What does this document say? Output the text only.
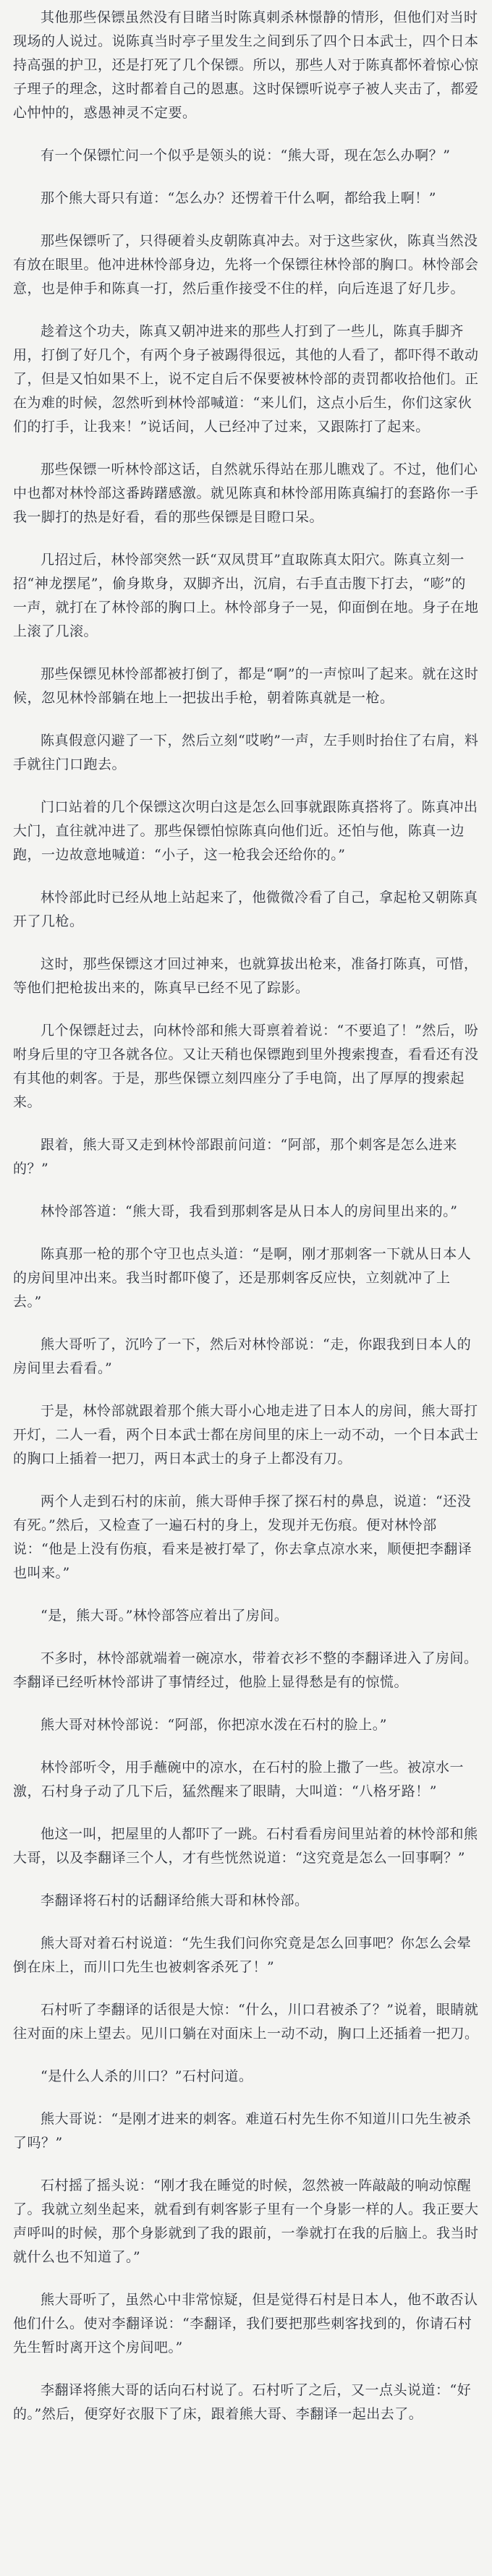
其他那些保镖虽然没有目睹当时陈真刺杀林憬静的情形，但他们对当时现场的人说过。说陈真当时亭子里发生之间到乐了四个日本武士，四个日本持高强的护卫，还是打死了几个保镖。所以，那些人对于陈真都怀着惊心惊子理子的理念，这时都着自己的恩惠。这时保镖听说亭子被人夹击了，都爱心忡忡的，惑愚神灵不定要。

有一个保镖忙问一个似乎是领头的说：“熊大哥，现在怎么办啊？”

那个熊大哥只有道：“怎么办？还愣着干什么啊，都给我上啊！”

那些保镖听了，只得硬着头皮朝陈真冲去。对于这些家伙，陈真当然没有放在眼里。他冲进林怜部身边，先将一个保镖往林怜部的胸口。林怜部会意，也是伸手和陈真一打，然后重作接受不住的样，向后连退了好几步。

趁着这个功夫，陈真又朝冲进来的那些人打到了一些儿，陈真手脚齐用，打倒了好几个，有两个身子被踢得很远，其他的人看了，都吓得不敢动了，但是又怕如果不上，说不定自后不保要被林怜部的责罚都收拾他们。正在为难的时候，忽然听到林怜部喊道：“来儿们，这点小后生，你们这家伙们的打手，让我来！”说话间，人已经冲了过来，又跟陈打了起来。

那些保镖一听林怜部这话，自然就乐得站在那儿瞧戏了。不过，他们心中也都对林怜部这番踌躇感激。就见陈真和林怜部用陈真编打的套路你一手我一脚打的热是好看，看的那些保镖是目瞪口呆。

几招过后，林怜部突然一跃“双凤贯耳”直取陈真太阳穴。陈真立刻一招“神龙摆尾”，偷身欺身，双脚齐出，沉肩，右手直击腹下打去，“嘭”的一声，就打在了林怜部的胸口上。林怜部身子一晃，仰面倒在地。身子在地上滚了几滚。

那些保镖见林怜部都被打倒了，都是“啊”的一声惊叫了起来。就在这时候，忽见林怜部躺在地上一把拔出手枪，朝着陈真就是一枪。

陈真假意闪避了一下，然后立刻“哎哟”一声，左手则时抬住了右肩，料手就往门口跑去。

门口站着的几个保镖这次明白这是怎么回事就跟陈真搭将了。陈真冲出大门，直往就冲进了。那些保镖怕惊陈真向他们近。还怕与他，陈真一边跑，一边故意地喊道：“小子，这一枪我会还给你的。”

林怜部此时已经从地上站起来了，他微微冷看了自己，拿起枪又朝陈真开了几枪。

这时，那些保镖这才回过神来，也就算拔出枪来，准备打陈真，可惜，等他们把枪拔出来的，陈真早已经不见了踪影。

几个保镖赶过去，向林怜部和熊大哥禀着着说：“不要追了！”然后，吩咐身后里的守卫各就各位。又让天稍也保镖跑到里外搜索搜查，看看还有没有其他的刺客。于是，那些保镖立刻四座分了手电筒，出了厚厚的搜索起来。

跟着，熊大哥又走到林怜部跟前问道：“阿部，那个刺客是怎么进来的？”

林怜部答道：“熊大哥，我看到那刺客是从日本人的房间里出来的。”

陈真那一枪的那个守卫也点头道：“是啊，刚才那刺客一下就从日本人的房间里冲出来。我当时都吓傻了，还是那刺客反应快，立刻就冲了上去。”

熊大哥听了，沉吟了一下，然后对林怜部说：“走，你跟我到日本人的房间里去看看。”

于是，林怜部就跟着那个熊大哥小心地走进了日本人的房间，熊大哥打开灯，二人一看，两个日本武士都在房间里的床上一动不动，一个日本武士的胸口上插着一把刀，两日本武士的身子上都没有刀。

两个人走到石村的床前，熊大哥伸手探了探石村的鼻息，说道：“还没有死。”然后，又检查了一遍石村的身上，发现并无伤痕。便对林怜部说：“他是上没有伤痕，看来是被打晕了，你去拿点凉水来，顺便把李翻译也叫来。”

“是，熊大哥。”林怜部答应着出了房间。

不多时，林怜部就端着一碗凉水，带着衣衫不整的李翻译进入了房间。李翻译已经听林怜部讲了事情经过，他脸上显得愁是有的惊慌。

熊大哥对林怜部说：“阿部，你把凉水泼在石村的脸上。”

林怜部听令，用手蘸碗中的凉水，在石村的脸上撒了一些。被凉水一激，石村身子动了几下后，猛然醒来了眼睛，大叫道：“八格牙路！”

他这一叫，把屋里的人都吓了一跳。石村看看房间里站着的林怜部和熊大哥，以及李翻译三个人，才有些恍然说道：“这究竟是怎么一回事啊？”

李翻译将石村的话翻译给熊大哥和林怜部。

熊大哥对着石村说道：“先生我们问你究竟是怎么回事吧？你怎么会晕倒在床上，而川口先生也被刺客杀死了！”

石村听了李翻译的话很是大惊：“什么，川口君被杀了？”说着，眼睛就往对面的床上望去。见川口躺在对面床上一动不动，胸口上还插着一把刀。

“是什么人杀的川口？”石村问道。

熊大哥说：“是刚才进来的刺客。难道石村先生你不知道川口先生被杀了吗？”

石村摇了摇头说：“刚才我在睡觉的时候，忽然被一阵敲敲的响动惊醒了。我就立刻坐起来，就看到有刺客影子里有一个身影一样的人。我正要大声呼叫的时候，那个身影就到了我的跟前，一拳就打在我的后脑上。我当时就什么也不知道了。”

熊大哥听了，虽然心中非常惊疑，但是觉得石村是日本人，他不敢否认他们什么。使对李翻译说：“李翻译，我们要把那些刺客找到的，你请石村先生暂时离开这个房间吧。”

李翻译将熊大哥的话向石村说了。石村听了之后，又一点头说道：“好的。”然后，便穿好衣服下了床，跟着熊大哥、李翻译一起出去了。
